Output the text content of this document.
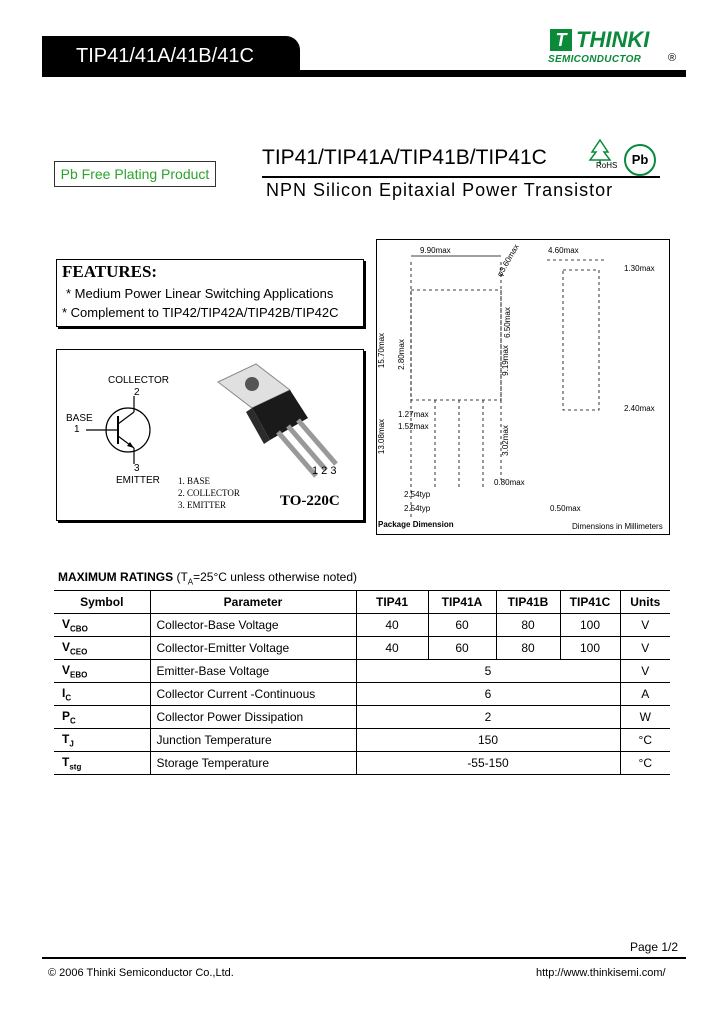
TIP41/41A/41B/41C
T THINKI
SEMICONDUCTOR ®
Pb Free Plating Product
TIP41/TIP41A/TIP41B/TIP41C	RoHS	Pb
NPN Silicon Epitaxial Power Transistor
FEATURES:
* Medium Power Linear Switching Applications
* Complement to TIP42/TIP42A/TIP42B/TIP42C
COLLECTOR
2
BASE
1
3
EMITTER 1. BASE
2. COLLECTOR
3. EMITTER
1 2 3
TO-220C
9.90max	4.60max
φ3.60max	1.30max
6.50max
15.70max 2.80max	9.19max
2.40max
1.27max
1.52max
13.08max	3.02max
0.80max
2.54typ
2.54typ	0.50max
Package Dimension	Dimensions in Millimeters
MAXIMUM RATINGS ($T_A=25^\circ C$ unless otherwise noted)
Symbol	Parameter	TIP41	TIP41A	TIP41B	TIP41C	Units
$V_{CBO}$	Collector-Base Voltage	40	60	80	100	V
$V_{CEO}$	Collector-Emitter Voltage	40	60	80	100	V
$V_{EBO}$	Emitter-Base Voltage	5				V
$I_C$	Collector Current -Continuous	6				A
$P_C$	Collector Power Dissipation	2				W
$T_J$	Junction Temperature	150				°C
$T_{stg}$	Storage Temperature	-55-150				°C
Page 1/2
© 2006 Thinki Semiconductor Co.,Ltd.	http://www.thinkisemi.com/
